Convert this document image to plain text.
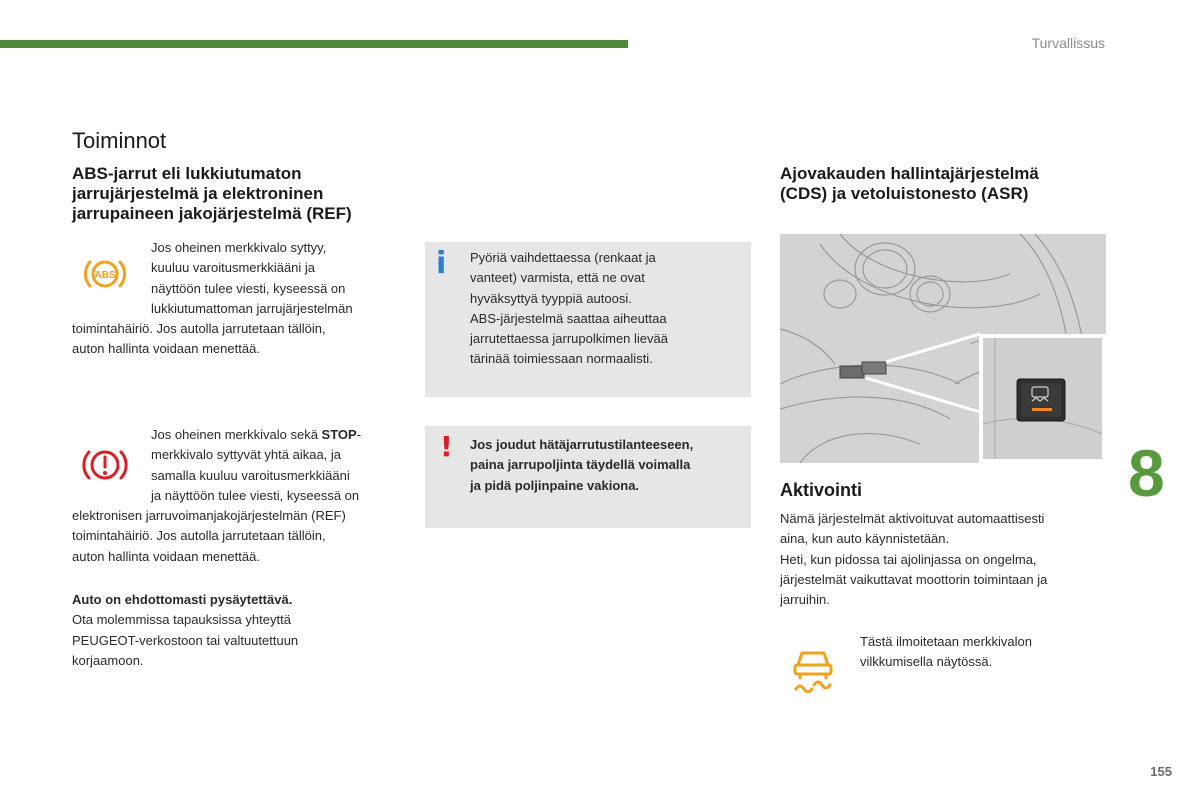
Turvallissus
Toiminnot
ABS-jarrut eli lukkiutumaton
jarrujärjestelmä ja elektroninen
jarrupaineen jakojärjestelmä (REF)
ABS
Jos oheinen merkkivalo syttyy,
kuuluu varoitusmerkkiääni ja
näyttöön tulee viesti, kyseessä on
lukkiutumattoman jarrujärjestelmän
toimintahäiriö. Jos autolla jarrutetaan tällöin,
auton hallinta voidaan menettää.
Jos oheinen merkkivalo sekä STOP-
merkkivalo syttyvät yhtä aikaa, ja
samalla kuuluu varoitusmerkkiääni
ja näyttöön tulee viesti, kyseessä on
elektronisen jarruvoimanjakojärjestelmän (REF)
toimintahäiriö. Jos autolla jarrutetaan tällöin,
auton hallinta voidaan menettää.
Auto on ehdottomasti pysäytettävä.
Ota molemmissa tapauksissa yhteyttä
PEUGEOT-verkostoon tai valtuutettuun
korjaamoon.
i Pyöriä vaihdettaessa (renkaat ja
vanteet) varmista, että ne ovat
hyväksyttyä tyyppiä autoosi.
ABS-järjestelmä saattaa aiheuttaa
jarrutettaessa jarrupolkimen lievää
tärinää toimiessaan normaalisti.
! Jos joudut hätäjarrutustilanteeseen,
paina jarrupoljinta täydellä voimalla
ja pidä poljinpaine vakiona.
Ajovakauden hallintajärjestelmä
(CDS) ja vetoluistonesto (ASR)
Aktivointi
Nämä järjestelmät aktivoituvat automaattisesti
aina, kun auto käynnistetään.
Heti, kun pidossa tai ajolinjassa on ongelma,
järjestelmät vaikuttavat moottorin toimintaan ja
jarruihin.
Tästä ilmoitetaan merkkivalon
vilkkumisella näytössä.
8
155
